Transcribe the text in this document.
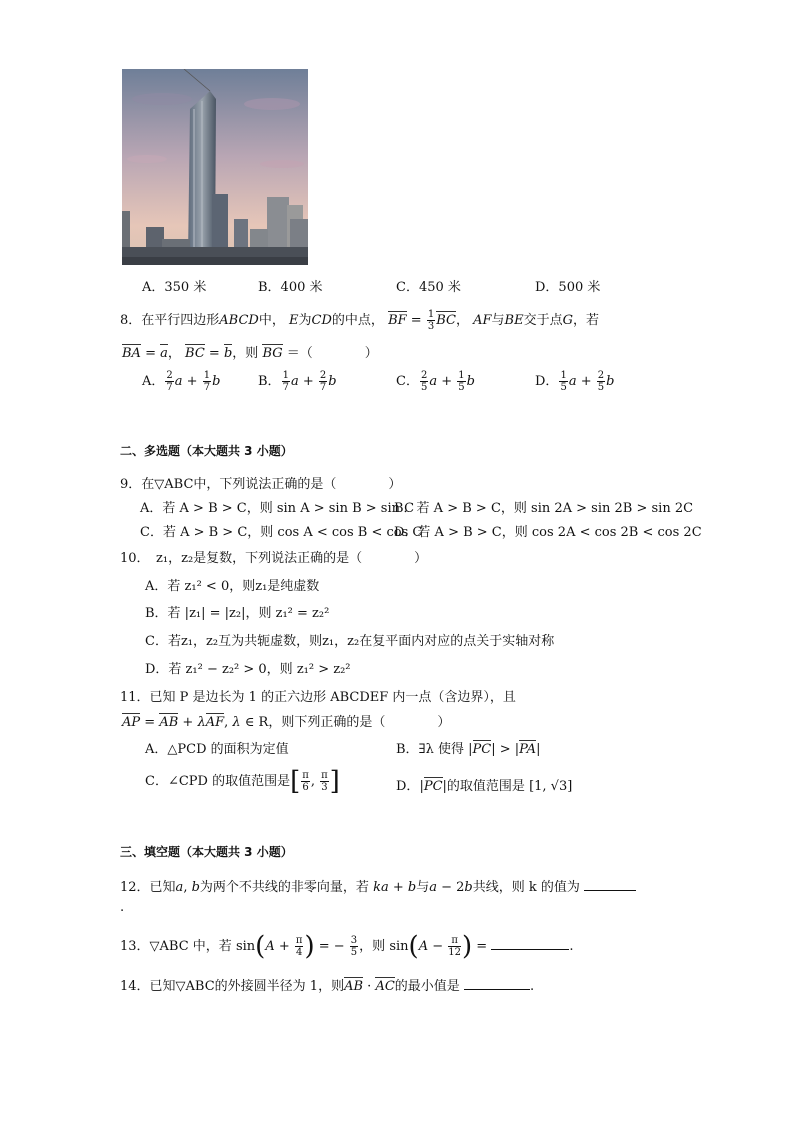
A．350 米	B．400 米	C．450 米	D．500 米
8．在平行四边形ABCD中， E为CD的中点， BF = $\frac{1}{3}$ BC， AF与BE交于点G，若
BA = a， BC = b，则 BG ＝（　　　　）
A． $\frac{2}{7}$ $a + \frac{1}{7}$ b	B． $\frac{1}{7}$ $a + \frac{2}{7}$ b	C． $\frac{2}{5}$ $a + \frac{1}{5}$ b	D． $\frac{1}{5}$ $a + \frac{2}{5}$ b
二、多选题（本大题共 3 小题）
9．在▽ABC中，下列说法正确的是（　　　　）
A．若 A > B > C，则 sin A > sin B > sin C
B．若 A > B > C，则 sin 2A > sin 2B > sin 2C
C．若 A > B > C，则 cos A < cos B < cos C
D．若 A > B > C，则 cos 2A < cos 2B < cos 2C
10．　z₁，z₂是复数，下列说法正确的是（　　　　）
A．若 z₁² < 0，则z₁是纯虚数
B．若 |z₁| = |z₂|，则 z₁² = z₂²
C．若z₁，z₂互为共轭虚数，则z₁，z₂在复平面内对应的点关于实轴对称
D．若 z₁² − z₂² > 0，则 z₁² > z₂²
11．已知 P 是边长为 1 的正六边形 ABCDEF 内一点（含边界），且
AP = AB + λAF, λ ∈ R，则下列正确的是（　　　　）
A．△PCD 的面积为定值	B．∃λ 使得 |PC| > |PA|
C．∠CPD 的取值范围是[ $\frac{\pi}{6}$ , $\frac{\pi}{3}$ ]	D．|PC|的取值范围是 [1, √3]
三、填空题（本大题共 3 小题）
12．已知a, b为两个不共线的非零向量，若 ka + b与a − 2b共线，则 k 的值为
.
13．▽ABC 中，若 $\sin(A + \frac{\pi}{4}$ ) = − $\frac{3}{5}$ ，则 $\sin(A - \frac{\pi}{12}$ ) =	.
14．已知▽ABC的外接圆半径为 1，则AB · AC的最小值是	.
